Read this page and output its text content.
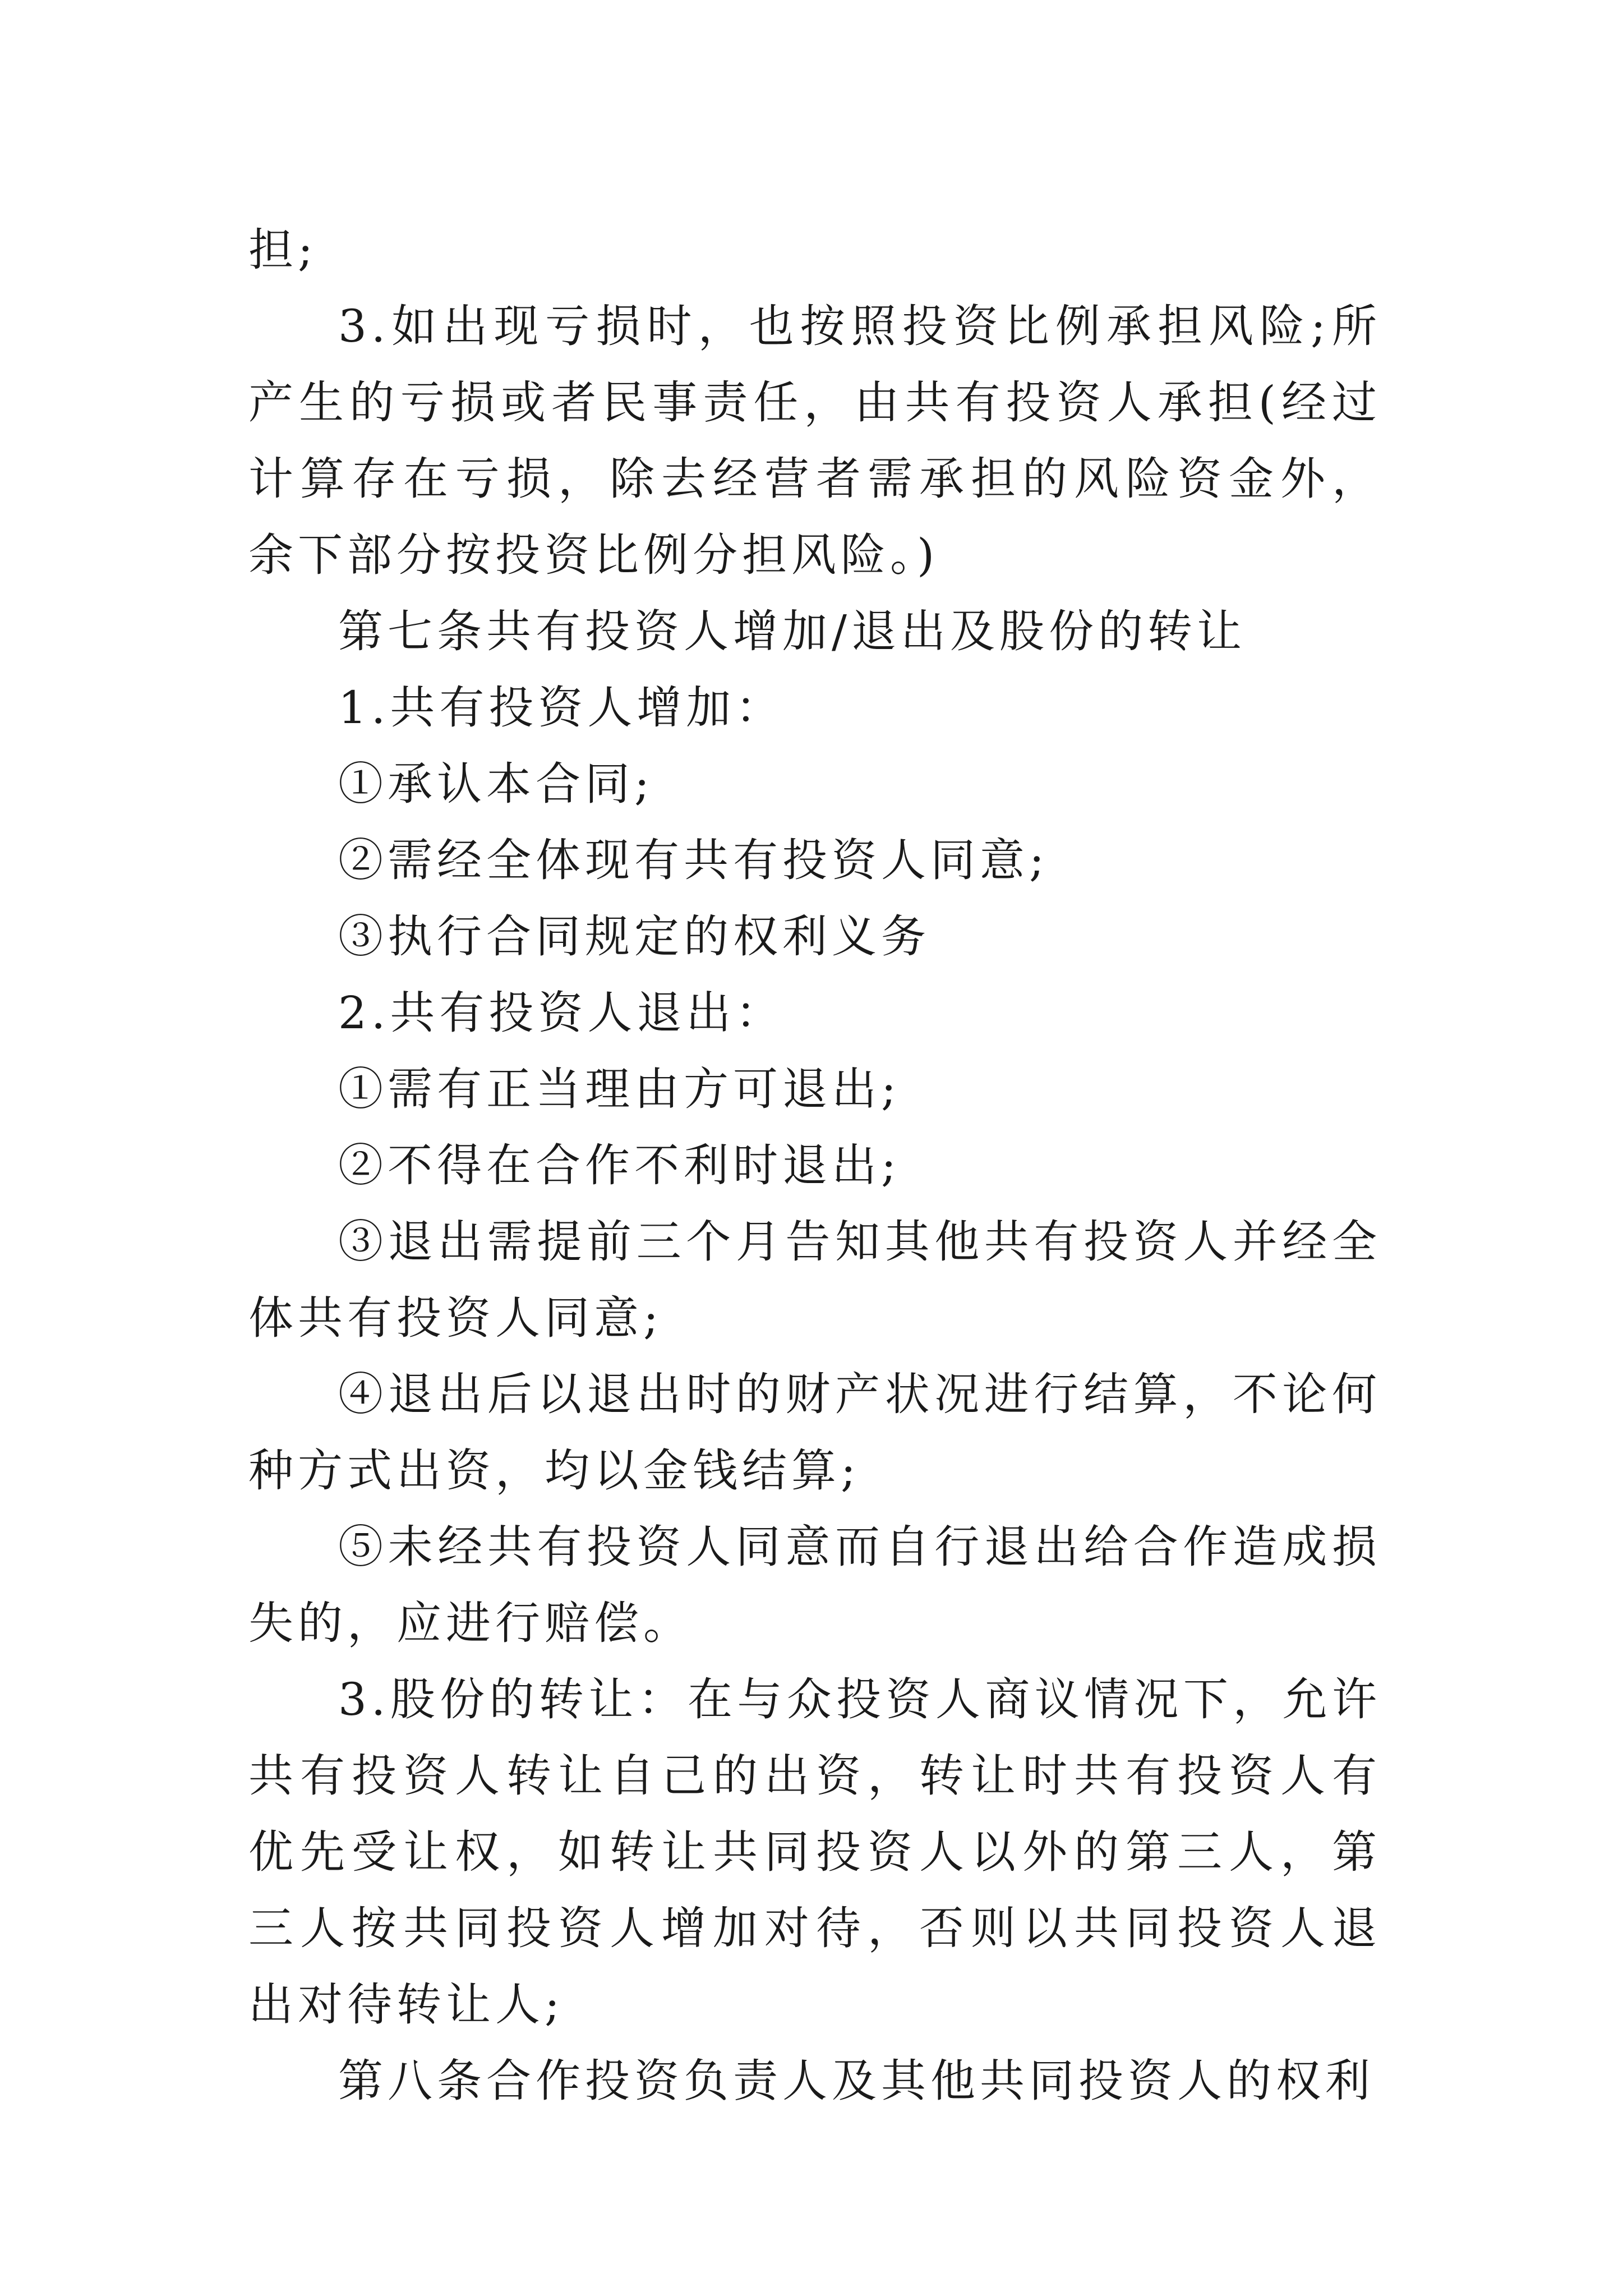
担;

3.如出现亏损时，也按照投资比例承担风险;所产生的亏损或者民事责任，由共有投资人承担(经过计算存在亏损，除去经营者需承担的风险资金外，余下部分按投资比例分担风险。)

第七条共有投资人增加/退出及股份的转让

1.共有投资人增加：

①承认本合同;

②需经全体现有共有投资人同意;

③执行合同规定的权利义务

2.共有投资人退出：

①需有正当理由方可退出;

②不得在合作不利时退出;

③退出需提前三个月告知其他共有投资人并经全体共有投资人同意;

④退出后以退出时的财产状况进行结算，不论何种方式出资，均以金钱结算;

⑤未经共有投资人同意而自行退出给合作造成损失的，应进行赔偿。

3.股份的转让：在与众投资人商议情况下，允许共有投资人转让自己的出资，转让时共有投资人有优先受让权，如转让共同投资人以外的第三人，第三人按共同投资人增加对待，否则以共同投资人退出对待转让人;

第八条合作投资负责人及其他共同投资人的权利
